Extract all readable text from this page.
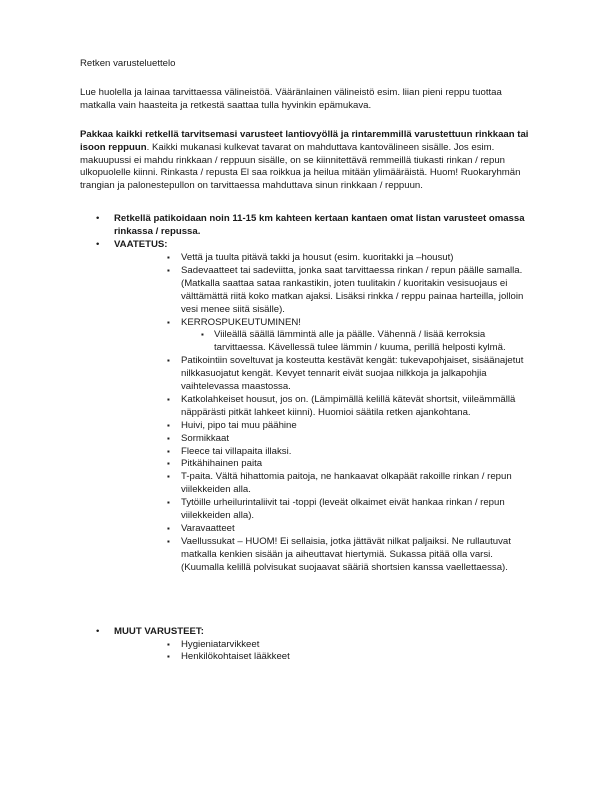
Retken varusteluettelo
Lue huolella ja lainaa tarvittaessa välineistöä. Vääränlainen välineistö esim. liian pieni reppu tuottaa matkalla vain haasteita ja retkestä saattaa tulla hyvinkin epämukava.
Pakkaa kaikki retkellä tarvitsemasi varusteet lantiovyöllä ja rintaremmillä varustettuun rinkkaan tai isoon reppuun. Kaikki mukanasi kulkevat tavarat on mahduttava kantovälineen sisälle. Jos esim. makuupussi ei mahdu rinkkaan / reppuun sisälle, on se kiinnitettävä remmeillä tiukasti rinkan / repun ulkopuolelle kiinni. Rinkasta / repusta El saa roikkua ja heilua mitään ylimääräistä. Huom! Ruokaryhmän trangian ja palonestepullon on tarvittaessa mahduttava sinun rinkkaan / reppuun.
• Retkellä patikoidaan noin 11-15 km kahteen kertaan kantaen omat listan varusteet omassa rinkassa / repussa.
• VAATETUS:
▪ Vettä ja tuulta pitävä takki ja housut (esim. kuoritakki ja –housut)
▪ Sadevaatteet tai sadeviitta, jonka saat tarvittaessa rinkan / repun päälle samalla. (Matkalla saattaa sataa rankastikin, joten tuulitakin / kuoritakin vesisuojaus ei välttämättä riitä koko matkan ajaksi. Lisäksi rinkka / reppu painaa harteilla, jolloin vesi menee siitä sisälle).
▪ KERROSPUKEUTUMINEN!
▪ Viileällä säällä lämmintä alle ja päälle. Vähennä / lisää kerroksia tarvittaessa. Kävellessä tulee lämmin / kuuma, perillä helposti kylmä.
▪ Patikointiin soveltuvat ja kosteutta kestävät kengät: tukevapohjaiset, sisäänajetut nilkkasuojatut kengät. Kevyet tennarit eivät suojaa nilkkoja ja jalkapohjia vaihtelevassa maastossa.
▪ Katkolahkeiset housut, jos on. (Lämpimällä kelillä kätevät shortsit, viileämmällä näppärästi pitkät lahkeet kiinni). Huomioi säätila retken ajankohtana.
▪ Huivi, pipo tai muu päähine
▪ Sormikkaat
▪ Fleece tai villapaita illaksi.
▪ Pitkähihainen paita
▪ T-paita. Vältä hihattomia paitoja, ne hankaavat olkapäät rakoille rinkan / repun viilekkeiden alla.
▪ Tytöille urheilurintaliivit tai -toppi (leveät olkaimet eivät hankaa rinkan / repun viilekkeiden alla).
▪ Varavaatteet
▪ Vaellussukat – HUOM! Ei sellaisia, jotka jättävät nilkat paljaiksi. Ne rullautuvat matkalla kenkien sisään ja aiheuttavat hiertymiä. Sukassa pitää olla varsi. (Kuumalla kelillä polvisukat suojaavat sääriä shortsien kanssa vaellettaessa).
• MUUT VARUSTEET:
▪ Hygieniatarvikkeet
▪ Henkilökohtaiset lääkkeet
